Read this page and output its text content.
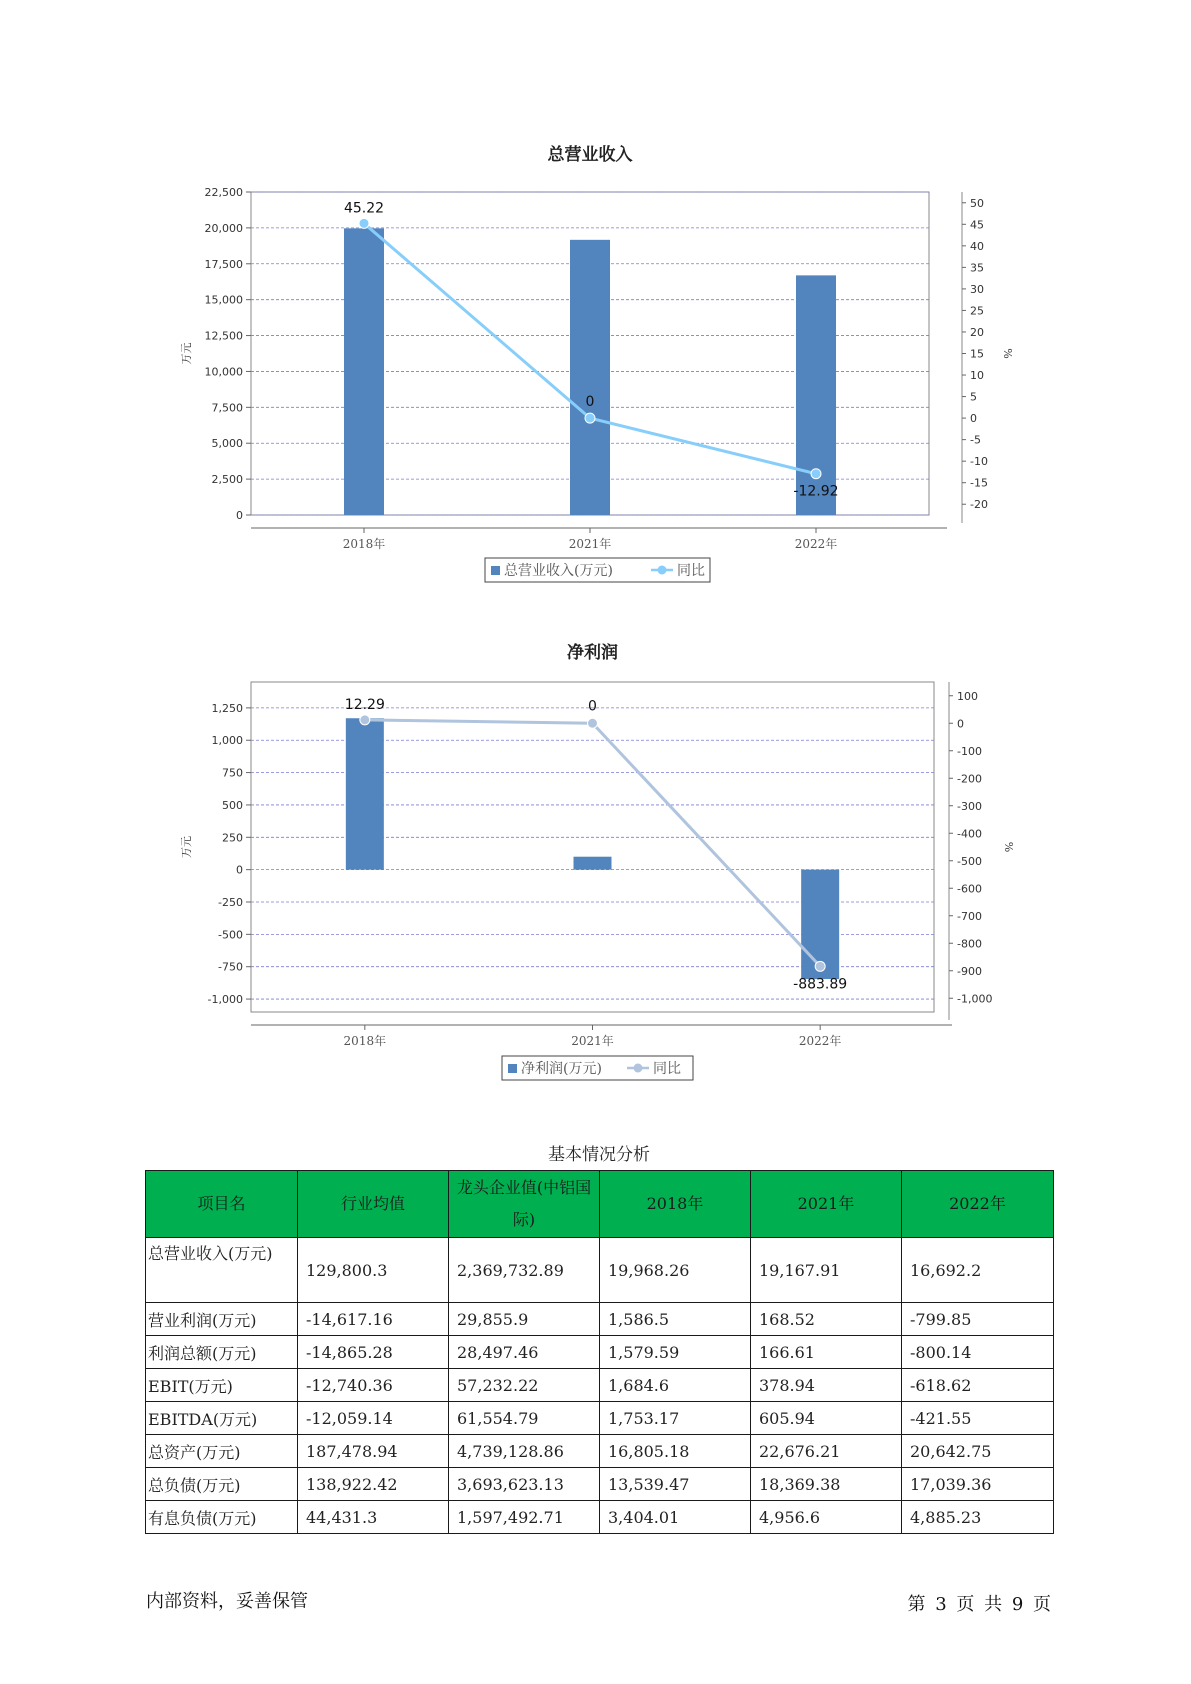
总营业收入
0
2,500
5,000
7,500
10,000
12,500
15,000
17,500
20,000
22,500
-20
-15
-10
-5
0
5
10
15
20
25
30
35
40
45
50
2018年	2021年	2022年
万元	%
45.22
0
-12.92
总营业收入(万元)	同比
净利润
-1,000
-750
-500
-250
0
250
500
750
1,000
1,250
-1,000
-900
-800
-700
-600
-500
-400
-300
-200
-100
0
100
2018年	2021年	2022年
万元	%
12.29	0
-883.89
净利润(万元)	同比
基本情况分析
项目名	行业均值	龙头企业值(中铝国际)	2018年	2021年	2022年
总营业收入(万元)	129,800.3	2,369,732.89	19,968.26	19,167.91	16,692.2
营业利润(万元)	-14,617.16	29,855.9	1,586.5	168.52	-799.85
利润总额(万元)	-14,865.28	28,497.46	1,579.59	166.61	-800.14
EBIT(万元)	-12,740.36	57,232.22	1,684.6	378.94	-618.62
EBITDA(万元)	-12,059.14	61,554.79	1,753.17	605.94	-421.55
总资产(万元)	187,478.94	4,739,128.86	16,805.18	22,676.21	20,642.75
总负债(万元)	138,922.42	3,693,623.13	13,539.47	18,369.38	17,039.36
有息负债(万元)	44,431.3	1,597,492.71	3,404.01	4,956.6	4,885.23
内部资料，妥善保管	第 3 页 共 9 页
